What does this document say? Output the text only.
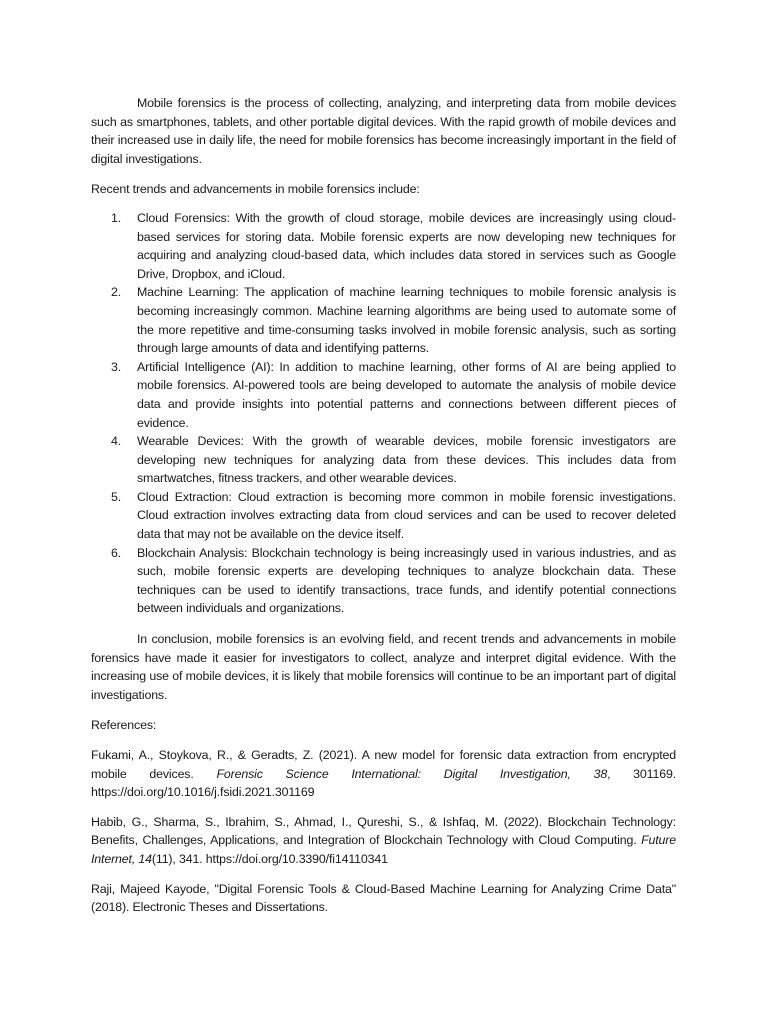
Mobile forensics is the process of collecting, analyzing, and interpreting data from mobile devices such as smartphones, tablets, and other portable digital devices. With the rapid growth of mobile devices and their increased use in daily life, the need for mobile forensics has become increasingly important in the field of digital investigations.

Recent trends and advancements in mobile forensics include:

1. Cloud Forensics: With the growth of cloud storage, mobile devices are increasingly using cloud-based services for storing data. Mobile forensic experts are now developing new techniques for acquiring and analyzing cloud-based data, which includes data stored in services such as Google Drive, Dropbox, and iCloud.
2. Machine Learning: The application of machine learning techniques to mobile forensic analysis is becoming increasingly common. Machine learning algorithms are being used to automate some of the more repetitive and time-consuming tasks involved in mobile forensic analysis, such as sorting through large amounts of data and identifying patterns.
3. Artificial Intelligence (AI): In addition to machine learning, other forms of AI are being applied to mobile forensics. AI-powered tools are being developed to automate the analysis of mobile device data and provide insights into potential patterns and connections between different pieces of evidence.
4. Wearable Devices: With the growth of wearable devices, mobile forensic investigators are developing new techniques for analyzing data from these devices. This includes data from smartwatches, fitness trackers, and other wearable devices.
5. Cloud Extraction: Cloud extraction is becoming more common in mobile forensic investigations. Cloud extraction involves extracting data from cloud services and can be used to recover deleted data that may not be available on the device itself.
6. Blockchain Analysis: Blockchain technology is being increasingly used in various industries, and as such, mobile forensic experts are developing techniques to analyze blockchain data. These techniques can be used to identify transactions, trace funds, and identify potential connections between individuals and organizations.

In conclusion, mobile forensics is an evolving field, and recent trends and advancements in mobile forensics have made it easier for investigators to collect, analyze and interpret digital evidence. With the increasing use of mobile devices, it is likely that mobile forensics will continue to be an important part of digital investigations.

References:

Fukami, A., Stoykova, R., & Geradts, Z. (2021). A new model for forensic data extraction from encrypted mobile devices. Forensic Science International: Digital Investigation, 38, 301169. https://doi.org/10.1016/j.fsidi.2021.301169

Habib, G., Sharma, S., Ibrahim, S., Ahmad, I., Qureshi, S., & Ishfaq, M. (2022). Blockchain Technology: Benefits, Challenges, Applications, and Integration of Blockchain Technology with Cloud Computing. Future Internet, 14(11), 341. https://doi.org/10.3390/fi14110341

Raji, Majeed Kayode, "Digital Forensic Tools & Cloud-Based Machine Learning for Analyzing Crime Data" (2018). Electronic Theses and Dissertations.
